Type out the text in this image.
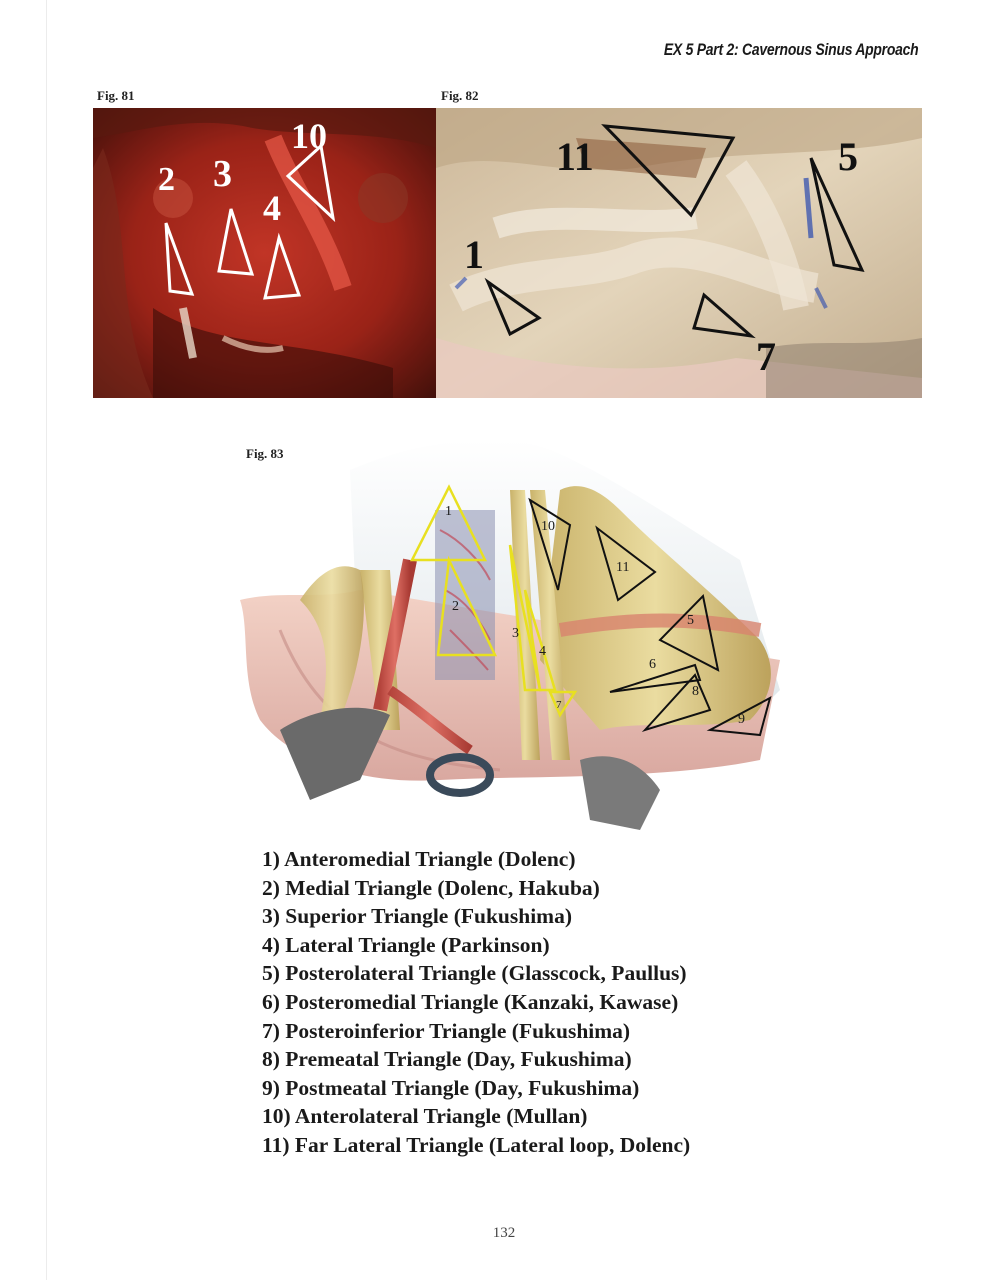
EX 5 Part 2: Cavernous Sinus Approach
Fig. 81
2 3
4
10
Fig. 82
11	5
1
7
Fig. 83
1
2
3
4
5
6
7
8
9
10
11
1) Anteromedial Triangle (Dolenc)
2) Medial Triangle (Dolenc, Hakuba)
3) Superior Triangle (Fukushima)
4) Lateral Triangle (Parkinson)
5) Posterolateral Triangle (Glasscock, Paullus)
6) Posteromedial Triangle (Kanzaki, Kawase)
7) Posteroinferior Triangle (Fukushima)
8) Premeatal Triangle (Day, Fukushima)
9) Postmeatal Triangle (Day, Fukushima)
10) Anterolateral Triangle (Mullan)
11) Far Lateral Triangle (Lateral loop, Dolenc)
132
